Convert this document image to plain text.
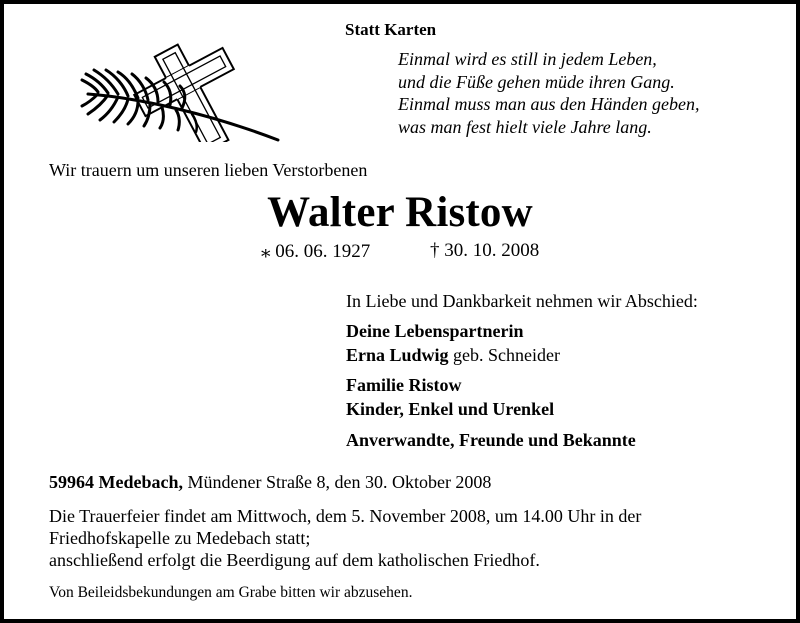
Statt Karten
Einmal wird es still in jedem Leben,
und die Füße gehen müde ihren Gang.
Einmal muss man aus den Händen geben,
was man fest hielt viele Jahre lang.
Wir trauern um unseren lieben Verstorbenen
Walter Ristow
⁎ 06. 06. 1927	† 30. 10. 2008
In Liebe und Dankbarkeit nehmen wir Abschied:
Deine Lebenspartnerin
Erna Ludwig geb. Schneider
Familie Ristow
Kinder, Enkel und Urenkel
Anverwandte, Freunde und Bekannte
59964 Medebach, Mündener Straße 8, den 30. Oktober 2008
Die Trauerfeier findet am Mittwoch, dem 5. November 2008, um 14.00 Uhr in der
Friedhofskapelle zu Medebach statt;
anschließend erfolgt die Beerdigung auf dem katholischen Friedhof.
Von Beileidsbekundungen am Grabe bitten wir abzusehen.
